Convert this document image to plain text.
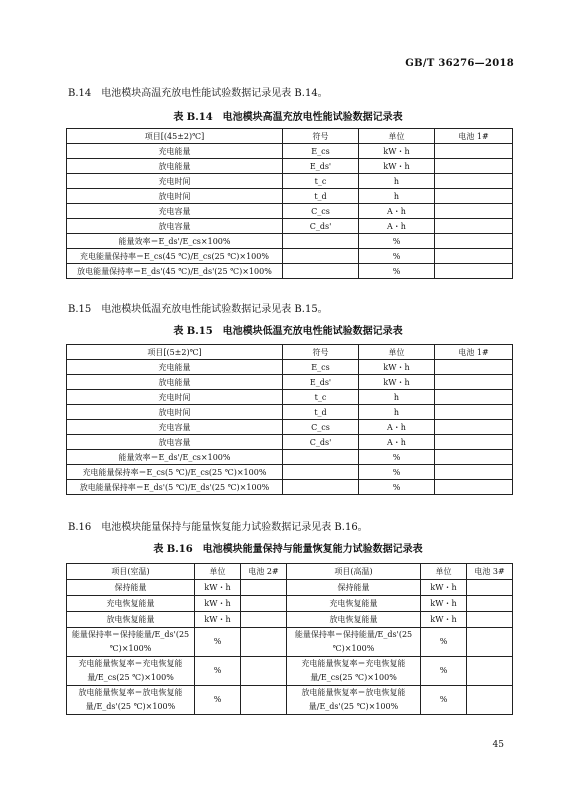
GB/T 36276—2018
B.14　电池模块高温充放电性能试验数据记录见表 B.14。
表 B.14　电池模块高温充放电性能试验数据记录表
项目[(45±2)℃]	符号	单位	电池 1#
充电能量	E_cs	kW・h	
放电能量	E_ds'	kW・h	
充电时间	t_c	h	
放电时间	t_d	h	
充电容量	C_cs	A・h	
放电容量	C_ds'	A・h	
能量效率＝E_ds'/E_cs×100%		%	
充电能量保持率＝E_cs(45 ℃)/E_cs(25 ℃)×100%		%	
放电能量保持率＝E_ds'(45 ℃)/E_ds'(25 ℃)×100%		%	
B.15　电池模块低温充放电性能试验数据记录见表 B.15。
表 B.15　电池模块低温充放电性能试验数据记录表
项目[(5±2)℃]	符号	单位	电池 1#
充电能量	E_cs	kW・h	
放电能量	E_ds'	kW・h	
充电时间	t_c	h	
放电时间	t_d	h	
充电容量	C_cs	A・h	
放电容量	C_ds'	A・h	
能量效率＝E_ds'/E_cs×100%		%	
充电能量保持率＝E_cs(5 ℃)/E_cs(25 ℃)×100%		%	
放电能量保持率＝E_ds'(5 ℃)/E_ds'(25 ℃)×100%		%	
B.16　电池模块能量保持与能量恢复能力试验数据记录见表 B.16。
表 B.16　电池模块能量保持与能量恢复能力试验数据记录表
项目(室温)	单位	电池 2#	项目(高温)	单位	电池 3#
保持能量	kW・h		保持能量	kW・h	
充电恢复能量	kW・h		充电恢复能量	kW・h	
放电恢复能量	kW・h		放电恢复能量	kW・h	
能量保持率＝保持能量/E_ds'(25 ℃)×100%	%		能量保持率＝保持能量/E_ds'(25 ℃)×100%	%	
充电能量恢复率＝充电恢复能量/E_cs(25 ℃)×100%	%		充电能量恢复率＝充电恢复能量/E_cs(25 ℃)×100%	%	
放电能量恢复率＝放电恢复能量/E_ds'(25 ℃)×100%	%		放电能量恢复率＝放电恢复能量/E_ds'(25 ℃)×100%	%	
45
